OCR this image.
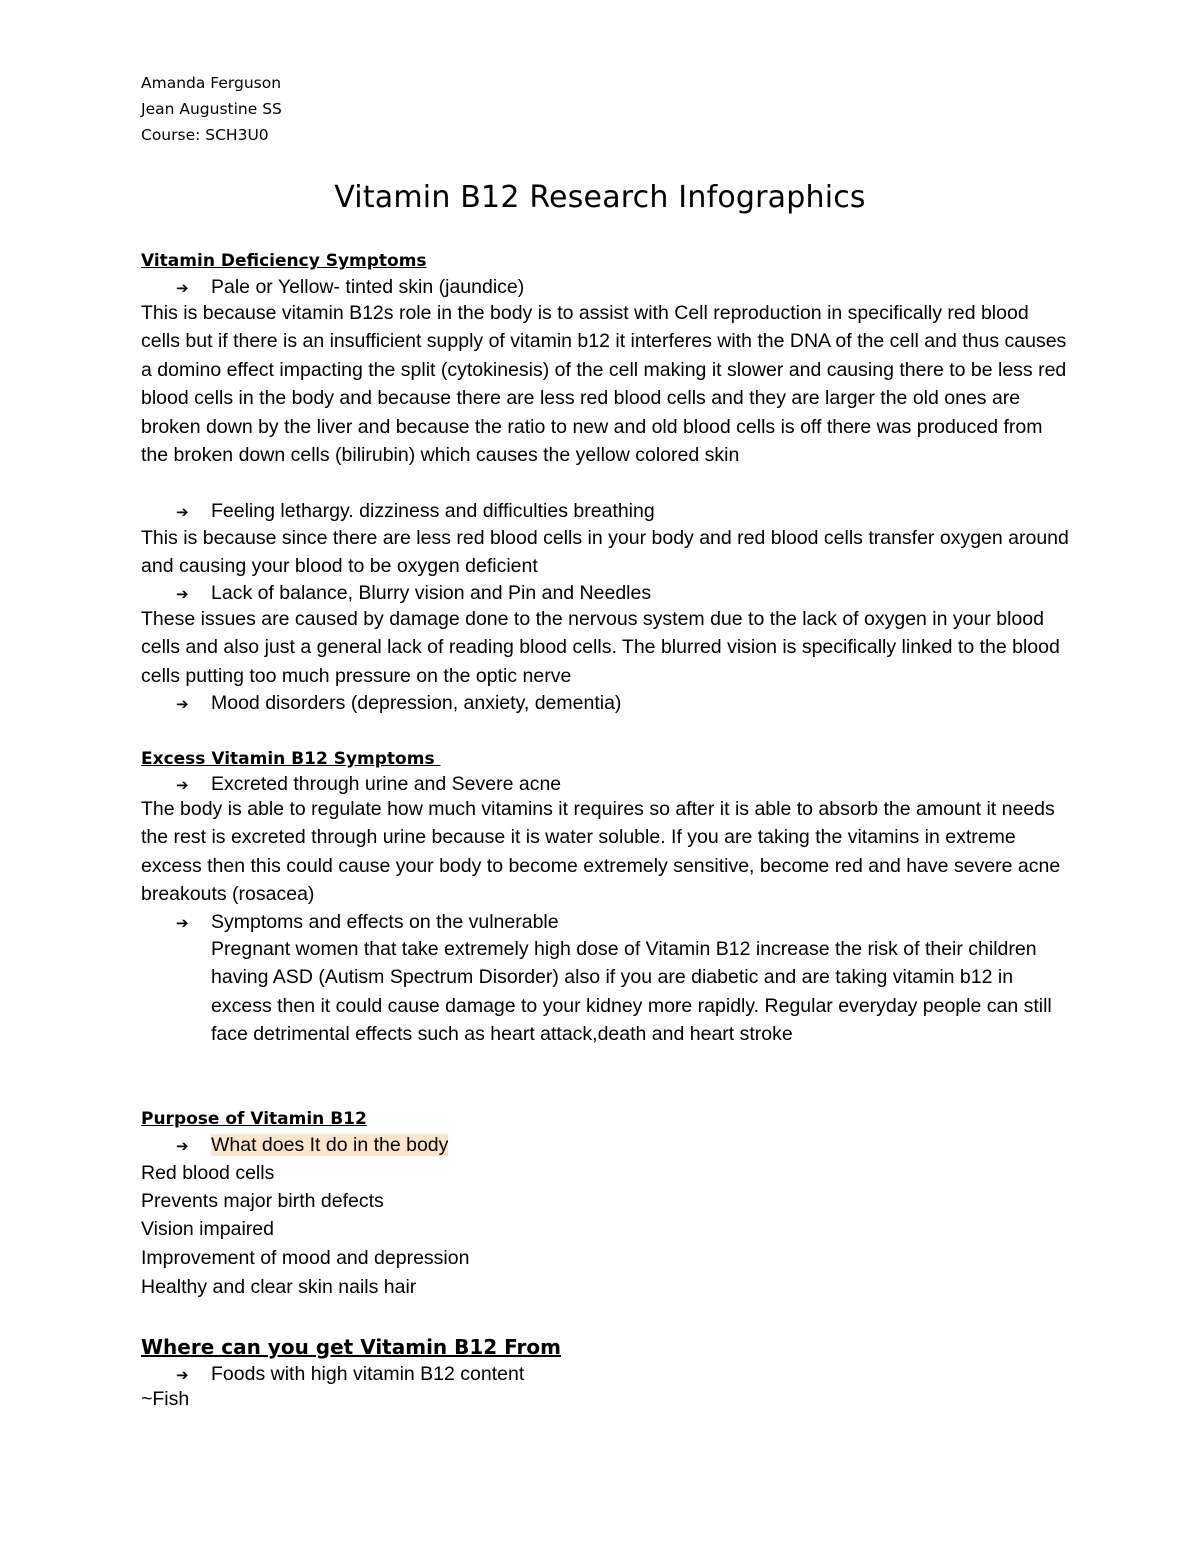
Amanda Ferguson
Jean Augustine SS
Course: SCH3U0
Vitamin B12 Research Infographics
Vitamin Deficiency Symptoms
➔ Pale or Yellow- tinted skin (jaundice)
This is because vitamin B12s role in the body is to assist with Cell reproduction in specifically red blood cells but if there is an insufficient supply of vitamin b12 it interferes with the DNA of the cell and thus causes a domino effect impacting the split (cytokinesis) of the cell making it slower and causing there to be less red blood cells in the body and because there are less red blood cells and they are larger the old ones are broken down by the liver and because the ratio to new and old blood cells is off there was produced from the broken down cells (bilirubin) which causes the yellow colored skin
➔ Feeling lethargy. dizziness and difficulties breathing
This is because since there are less red blood cells in your body and red blood cells transfer oxygen around and causing your blood to be oxygen deficient
➔ Lack of balance, Blurry vision and Pin and Needles
These issues are caused by damage done to the nervous system due to the lack of oxygen in your blood cells and also just a general lack of reading blood cells. The blurred vision is specifically linked to the blood cells putting too much pressure on the optic nerve
➔ Mood disorders (depression, anxiety, dementia)
Excess Vitamin B12 Symptoms
➔ Excreted through urine and Severe acne
The body is able to regulate how much vitamins it requires so after it is able to absorb the amount it needs the rest is excreted through urine because it is water soluble. If you are taking the vitamins in extreme excess then this could cause your body to become extremely sensitive, become red and have severe acne breakouts (rosacea)
➔ Symptoms and effects on the vulnerable
Pregnant women that take extremely high dose of Vitamin B12 increase the risk of their children having ASD (Autism Spectrum Disorder) also if you are diabetic and are taking vitamin b12 in excess then it could cause damage to your kidney more rapidly. Regular everyday people can still face detrimental effects such as heart attack,death and heart stroke
Purpose of Vitamin B12
➔ What does It do in the body
Red blood cells
Prevents major birth defects
Vision impaired
Improvement of mood and depression
Healthy and clear skin nails hair
Where can you get Vitamin B12 From
➔ Foods with high vitamin B12 content
~Fish
